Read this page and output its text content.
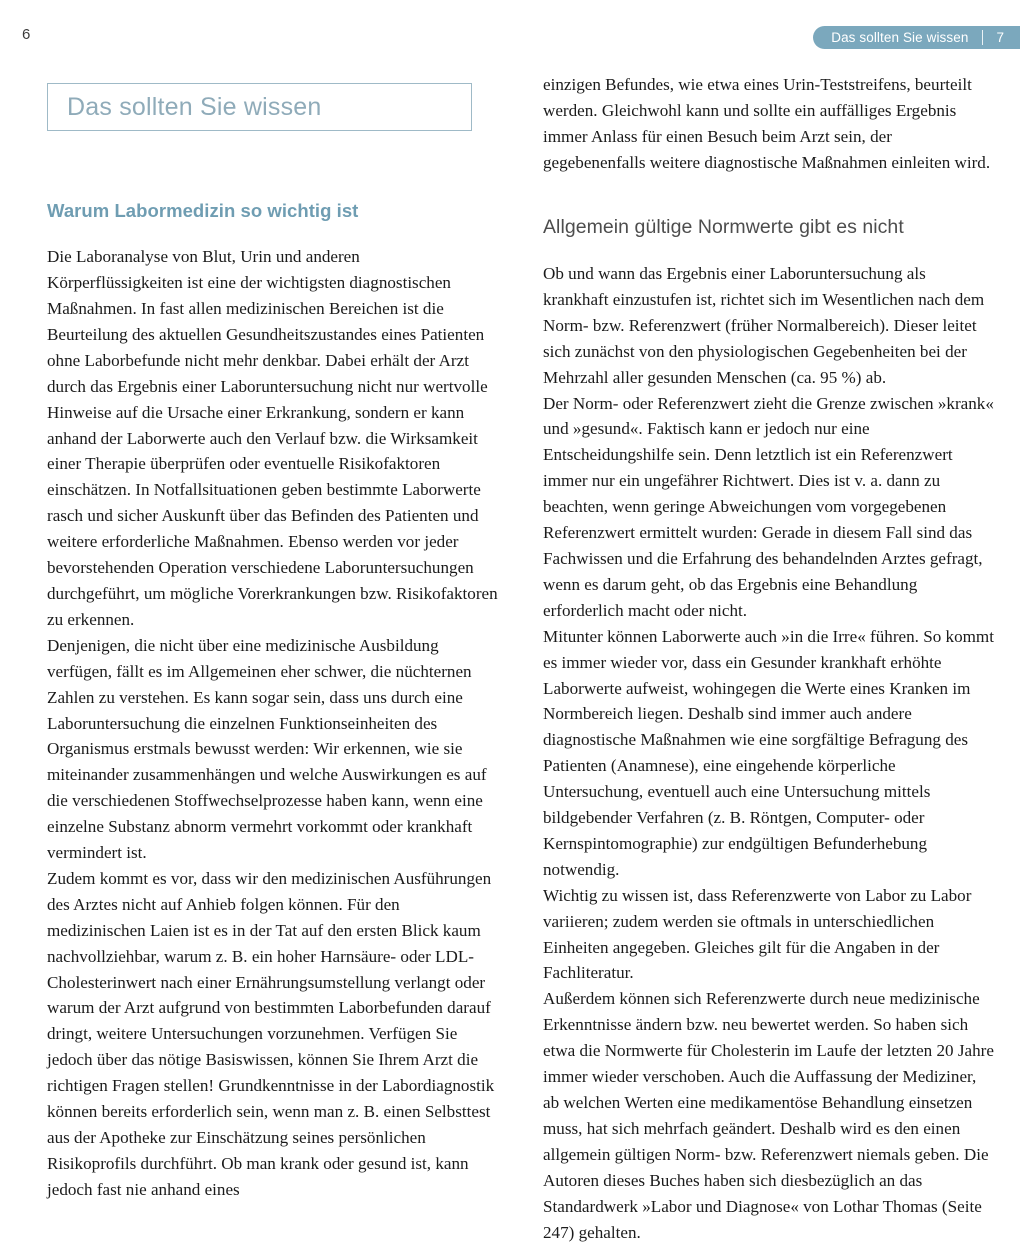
6	Das sollten Sie wissen 7
Das sollten Sie wissen
Warum Labormedizin so wichtig ist

Die Laboranalyse von Blut, Urin und anderen Körperflüssigkeiten ist eine der wichtigsten diagnostischen Maßnahmen. In fast allen medizinischen Bereichen ist die Beurteilung des aktuellen Gesundheitszustandes eines Patienten ohne Laborbefunde nicht mehr denkbar. Dabei erhält der Arzt durch das Ergebnis einer Laboruntersuchung nicht nur wertvolle Hinweise auf die Ursache einer Erkrankung, sondern er kann anhand der Laborwerte auch den Verlauf bzw. die Wirksamkeit einer Therapie überprüfen oder eventuelle Risikofaktoren einschätzen. In Notfallsituationen geben bestimmte Laborwerte rasch und sicher Auskunft über das Befinden des Patienten und weitere erforderliche Maßnahmen. Ebenso werden vor jeder bevorstehenden Operation verschiedene Laboruntersuchungen durchgeführt, um mögliche Vorerkrankungen bzw. Risikofaktoren zu erkennen.

Denjenigen, die nicht über eine medizinische Ausbildung verfügen, fällt es im Allgemeinen eher schwer, die nüchternen Zahlen zu verstehen. Es kann sogar sein, dass uns durch eine Laboruntersuchung die einzelnen Funktionseinheiten des Organismus erstmals bewusst werden: Wir erkennen, wie sie miteinander zusammenhängen und welche Auswirkungen es auf die verschiedenen Stoffwechselprozesse haben kann, wenn eine einzelne Substanz abnorm vermehrt vorkommt oder krankhaft vermindert ist.

Zudem kommt es vor, dass wir den medizinischen Ausführungen des Arztes nicht auf Anhieb folgen können. Für den medizinischen Laien ist es in der Tat auf den ersten Blick kaum nachvollziehbar, warum z. B. ein hoher Harnsäure- oder LDL-Cholesterinwert nach einer Ernährungsumstellung verlangt oder warum der Arzt aufgrund von bestimmten Laborbefunden darauf dringt, weitere Untersuchungen vorzunehmen. Verfügen Sie jedoch über das nötige Basiswissen, können Sie Ihrem Arzt die richtigen Fragen stellen! Grundkenntnisse in der Labordiagnostik können bereits erforderlich sein, wenn man z. B. einen Selbsttest aus der Apotheke zur Einschätzung seines persönlichen Risikoprofils durchführt. Ob man krank oder gesund ist, kann jedoch fast nie anhand eines

einzigen Befundes, wie etwa eines Urin-Teststreifens, beurteilt werden. Gleichwohl kann und sollte ein auffälliges Ergebnis immer Anlass für einen Besuch beim Arzt sein, der gegebenenfalls weitere diagnostische Maßnahmen einleiten wird.

Allgemein gültige Normwerte gibt es nicht

Ob und wann das Ergebnis einer Laboruntersuchung als krankhaft einzustufen ist, richtet sich im Wesentlichen nach dem Norm- bzw. Referenzwert (früher Normalbereich). Dieser leitet sich zunächst von den physiologischen Gegebenheiten bei der Mehrzahl aller gesunden Menschen (ca. 95 %) ab.

Der Norm- oder Referenzwert zieht die Grenze zwischen »krank« und »gesund«. Faktisch kann er jedoch nur eine Entscheidungshilfe sein. Denn letztlich ist ein Referenzwert immer nur ein ungefährer Richtwert. Dies ist v. a. dann zu beachten, wenn geringe Abweichungen vom vorgegebenen Referenzwert ermittelt wurden: Gerade in diesem Fall sind das Fachwissen und die Erfahrung des behandelnden Arztes gefragt, wenn es darum geht, ob das Ergebnis eine Behandlung erforderlich macht oder nicht.

Mitunter können Laborwerte auch »in die Irre« führen. So kommt es immer wieder vor, dass ein Gesunder krankhaft erhöhte Laborwerte aufweist, wohingegen die Werte eines Kranken im Normbereich liegen. Deshalb sind immer auch andere diagnostische Maßnahmen wie eine sorgfältige Befragung des Patienten (Anamnese), eine eingehende körperliche Untersuchung, eventuell auch eine Untersuchung mittels bildgebender Verfahren (z. B. Röntgen, Computer- oder Kernspintomographie) zur endgültigen Befunderhebung notwendig.

Wichtig zu wissen ist, dass Referenzwerte von Labor zu Labor variieren; zudem werden sie oftmals in unterschiedlichen Einheiten angegeben. Gleiches gilt für die Angaben in der Fachliteratur.

Außerdem können sich Referenzwerte durch neue medizinische Erkenntnisse ändern bzw. neu bewertet werden. So haben sich etwa die Normwerte für Cholesterin im Laufe der letzten 20 Jahre immer wieder verschoben. Auch die Auffassung der Mediziner, ab welchen Werten eine medikamentöse Behandlung einsetzen muss, hat sich mehrfach geändert. Deshalb wird es den einen allgemein gültigen Norm- bzw. Referenzwert niemals geben. Die Autoren dieses Buches haben sich diesbezüglich an das Standardwerk »Labor und Diagnose« von Lothar Thomas (Seite 247) gehalten.
